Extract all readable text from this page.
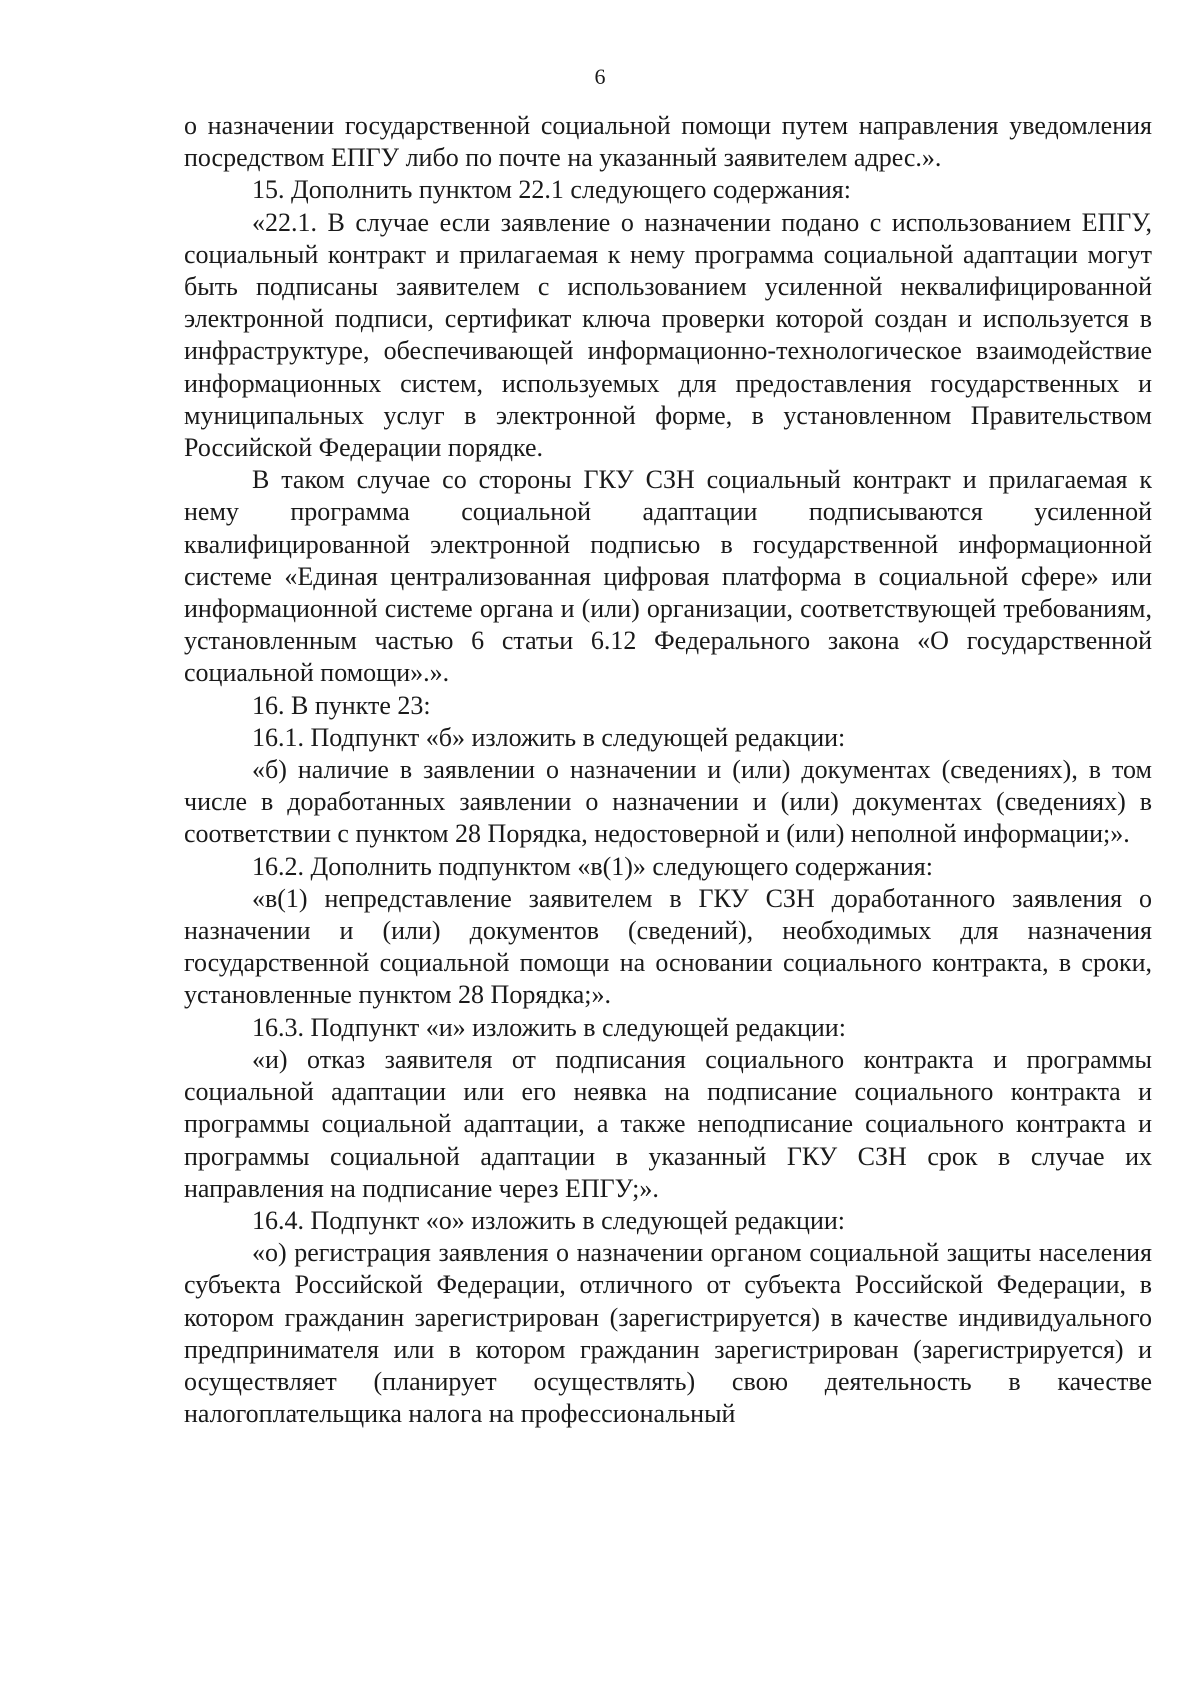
6

о назначении государственной социальной помощи путем направления уведомления посредством ЕПГУ либо по почте на указанный заявителем адрес.».

15. Дополнить пунктом 22.1 следующего содержания:

«22.1. В случае если заявление о назначении подано с использованием ЕПГУ, социальный контракт и прилагаемая к нему программа социальной адаптации могут быть подписаны заявителем с использованием усиленной неквалифицированной электронной подписи, сертификат ключа проверки которой создан и используется в инфраструктуре, обеспечивающей информационно-технологическое взаимодействие информационных систем, используемых для предоставления государственных и муниципальных услуг в электронной форме, в установленном Правительством Российской Федерации порядке.

В таком случае со стороны ГКУ СЗН социальный контракт и прилагаемая к нему программа социальной адаптации подписываются усиленной квалифицированной электронной подписью в государственной информационной системе «Единая централизованная цифровая платформа в социальной сфере» или информационной системе органа и (или) организации, соответствующей требованиям, установленным частью 6 статьи 6.12 Федерального закона «О государственной социальной помощи».».

16. В пункте 23:

16.1. Подпункт «б» изложить в следующей редакции:

«б) наличие в заявлении о назначении и (или) документах (сведениях), в том числе в доработанных заявлении о назначении и (или) документах (сведениях) в соответствии с пунктом 28 Порядка, недостоверной и (или) неполной информации;».

16.2. Дополнить подпунктом «в(1)» следующего содержания:

«в(1) непредставление заявителем в ГКУ СЗН доработанного заявления о назначении и (или) документов (сведений), необходимых для назначения государственной социальной помощи на основании социального контракта, в сроки, установленные пунктом 28 Порядка;».

16.3. Подпункт «и» изложить в следующей редакции:

«и) отказ заявителя от подписания социального контракта и программы социальной адаптации или его неявка на подписание социального контракта и программы социальной адаптации, а также неподписание социального контракта и программы социальной адаптации в указанный ГКУ СЗН срок в случае их направления на подписание через ЕПГУ;».

16.4. Подпункт «о» изложить в следующей редакции:

«о) регистрация заявления о назначении органом социальной защиты населения субъекта Российской Федерации, отличного от субъекта Российской Федерации, в котором гражданин зарегистрирован (зарегистрируется) в качестве индивидуального предпринимателя или в котором гражданин зарегистрирован (зарегистрируется) и осуществляет (планирует осуществлять) свою деятельность в качестве налогоплательщика налога на профессиональный
